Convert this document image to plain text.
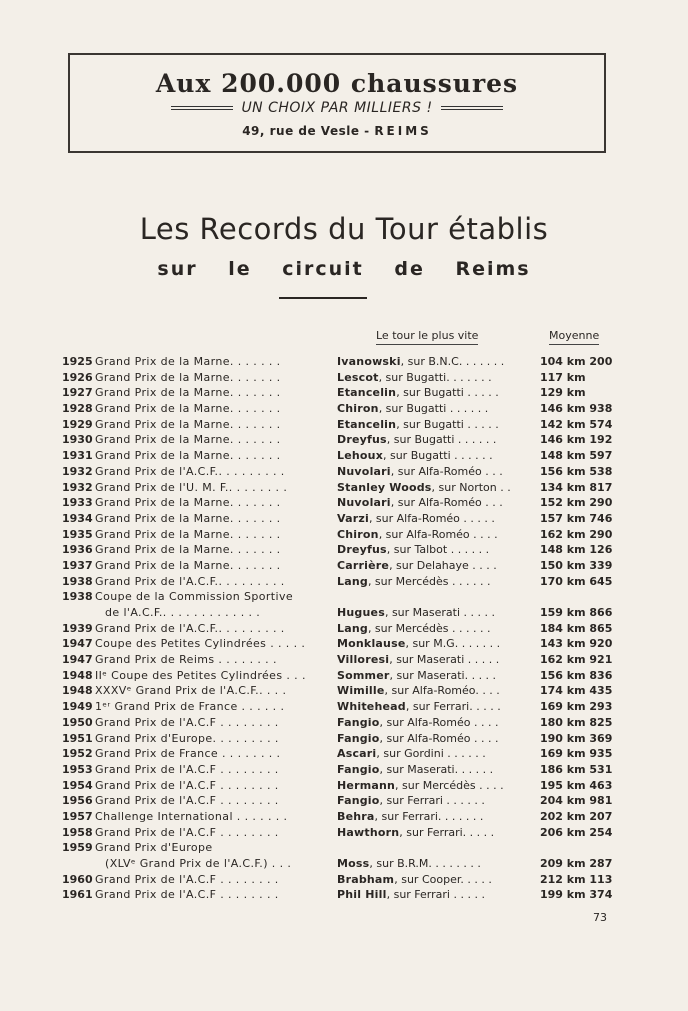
Aux 200.000 chaussures
UN CHOIX PAR MILLIERS !
49, rue de Vesle - REIMS
Les Records du Tour établis
sur le circuit de Reims
Le tour le plus vite	Moyenne
1925 Grand Prix de la Marne. . . . . . .	Ivanowski, sur B.N.C. . . . . . .	104 km 200
1926 Grand Prix de la Marne. . . . . . .	Lescot, sur Bugatti. . . . . . .	117 km
1927 Grand Prix de la Marne. . . . . . .	Etancelin, sur Bugatti . . . . .	129 km
1928 Grand Prix de la Marne. . . . . . .	Chiron, sur Bugatti . . . . . .	146 km 938
1929 Grand Prix de la Marne. . . . . . .	Etancelin, sur Bugatti . . . . .	142 km 574
1930 Grand Prix de la Marne. . . . . . .	Dreyfus, sur Bugatti . . . . . .	146 km 192
1931 Grand Prix de la Marne. . . . . . .	Lehoux, sur Bugatti . . . . . .	148 km 597
1932 Grand Prix de l'A.C.F.. . . . . . . . .	Nuvolari, sur Alfa-Roméo . . .	156 km 538
1932 Grand Prix de l'U. M. F.. . . . . . . .	Stanley Woods, sur Norton . .	134 km 817
1933 Grand Prix de la Marne. . . . . . .	Nuvolari, sur Alfa-Roméo . . .	152 km 290
1934 Grand Prix de la Marne. . . . . . .	Varzi, sur Alfa-Roméo . . . . .	157 km 746
1935 Grand Prix de la Marne. . . . . . .	Chiron, sur Alfa-Roméo . . . .	162 km 290
1936 Grand Prix de la Marne. . . . . . .	Dreyfus, sur Talbot . . . . . .	148 km 126
1937 Grand Prix de la Marne. . . . . . .	Carrière, sur Delahaye . . . .	150 km 339
1938 Grand Prix de l'A.C.F.. . . . . . . . .	Lang, sur Mercédès . . . . . .	170 km 645
1938 Coupe de la Commission Sportive
de l'A.C.F.. . . . . . . . . . . . .	Hugues, sur Maserati . . . . .	159 km 866
1939 Grand Prix de l'A.C.F.. . . . . . . . .	Lang, sur Mercédès . . . . . .	184 km 865
1947 Coupe des Petites Cylindrées . . . . .	Monklause, sur M.G. . . . . . .	143 km 920
1947 Grand Prix de Reims . . . . . . . .	Villoresi, sur Maserati . . . . .	162 km 921
1948 IIᵉ Coupe des Petites Cylindrées . . .	Sommer, sur Maserati. . . . .	156 km 836
1948 XXXVᵉ Grand Prix de l'A.C.F.. . . .	Wimille, sur Alfa-Roméo. . . .	174 km 435
1949 1ᵉʳ Grand Prix de France . . . . . .	Whitehead, sur Ferrari. . . . .	169 km 293
1950 Grand Prix de l'A.C.F . . . . . . . .	Fangio, sur Alfa-Roméo . . . .	180 km 825
1951 Grand Prix d'Europe. . . . . . . . .	Fangio, sur Alfa-Roméo . . . .	190 km 369
1952 Grand Prix de France . . . . . . . .	Ascari, sur Gordini . . . . . .	169 km 935
1953 Grand Prix de l'A.C.F . . . . . . . .	Fangio, sur Maserati. . . . . .	186 km 531
1954 Grand Prix de l'A.C.F . . . . . . . .	Hermann, sur Mercédès . . . .	195 km 463
1956 Grand Prix de l'A.C.F . . . . . . . .	Fangio, sur Ferrari . . . . . .	204 km 981
1957 Challenge International . . . . . . .	Behra, sur Ferrari. . . . . . .	202 km 207
1958 Grand Prix de l'A.C.F . . . . . . . .	Hawthorn, sur Ferrari. . . . .	206 km 254
1959 Grand Prix d'Europe
(XLVᵉ Grand Prix de l'A.C.F.) . . .	Moss, sur B.R.M. . . . . . . .	209 km 287
1960 Grand Prix de l'A.C.F . . . . . . . .	Brabham, sur Cooper. . . . .	212 km 113
1961 Grand Prix de l'A.C.F . . . . . . . .	Phil Hill, sur Ferrari . . . . .	199 km 374
73
